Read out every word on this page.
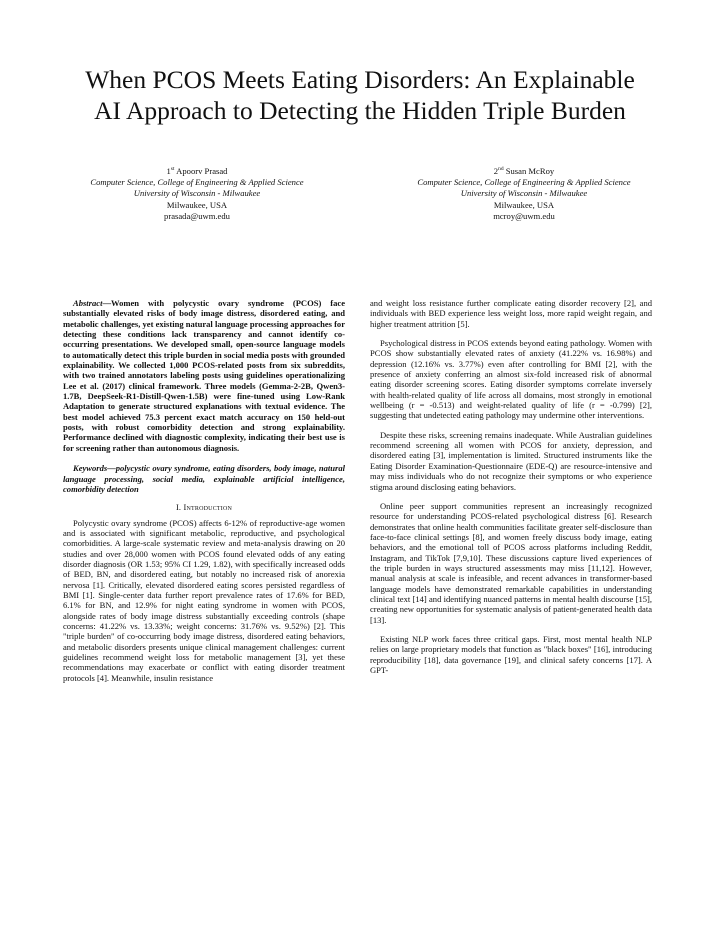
When PCOS Meets Eating Disorders: An Explainable
AI Approach to Detecting the Hidden Triple Burden
1st Apoorv Prasad
Computer Science, College of Engineering & Applied Science
University of Wisconsin - Milwaukee
Milwaukee, USA
prasada@uwm.edu
2nd Susan McRoy
Computer Science, College of Engineering & Applied Science
University of Wisconsin - Milwaukee
Milwaukee, USA
mcroy@uwm.edu

Abstract—Women with polycystic ovary syndrome (PCOS) face substantially elevated risks of body image distress, disordered eating, and metabolic challenges, yet existing natural language processing approaches for detecting these conditions lack transparency and cannot identify co-occurring presentations. We developed small, open-source language models to automatically detect this triple burden in social media posts with grounded explainability. We collected 1,000 PCOS-related posts from six subreddits, with two trained annotators labeling posts using guidelines operationalizing Lee et al. (2017) clinical framework. Three models (Gemma-2-2B, Qwen3-1.7B, DeepSeek-R1-Distill-Qwen-1.5B) were fine-tuned using Low-Rank Adaptation to generate structured explanations with textual evidence. The best model achieved 75.3 percent exact match accuracy on 150 held-out posts, with robust comorbidity detection and strong explainability. Performance declined with diagnostic complexity, indicating their best use is for screening rather than autonomous diagnosis.

Keywords—polycystic ovary syndrome, eating disorders, body image, natural language processing, social media, explainable artificial intelligence, comorbidity detection

I. Introduction

Polycystic ovary syndrome (PCOS) affects 6-12% of reproductive-age women and is associated with significant metabolic, reproductive, and psychological comorbidities. A large-scale systematic review and meta-analysis drawing on 20 studies and over 28,000 women with PCOS found elevated odds of any eating disorder diagnosis (OR 1.53; 95% CI 1.29, 1.82), with specifically increased odds of BED, BN, and disordered eating, but notably no increased risk of anorexia nervosa [1]. Critically, elevated disordered eating scores persisted regardless of BMI [1]. Single-center data further report prevalence rates of 17.6% for BED, 6.1% for BN, and 12.9% for night eating syndrome in women with PCOS, alongside rates of body image distress substantially exceeding controls (shape concerns: 41.22% vs. 13.33%; weight concerns: 31.76% vs. 9.52%) [2]. This "triple burden" of co-occurring body image distress, disordered eating behaviors, and metabolic disorders presents unique clinical management challenges: current guidelines recommend weight loss for metabolic management [3], yet these recommendations may exacerbate or conflict with eating disorder treatment protocols [4]. Meanwhile, insulin resistance

and weight loss resistance further complicate eating disorder recovery [2], and individuals with BED experience less weight loss, more rapid weight regain, and higher treatment attrition [5].

Psychological distress in PCOS extends beyond eating pathology. Women with PCOS show substantially elevated rates of anxiety (41.22% vs. 16.98%) and depression (12.16% vs. 3.77%) even after controlling for BMI [2], with the presence of anxiety conferring an almost six-fold increased risk of abnormal eating disorder screening scores. Eating disorder symptoms correlate inversely with health-related quality of life across all domains, most strongly in emotional wellbeing (r = -0.513) and weight-related quality of life (r = -0.799) [2], suggesting that undetected eating pathology may undermine other interventions.

Despite these risks, screening remains inadequate. While Australian guidelines recommend screening all women with PCOS for anxiety, depression, and disordered eating [3], implementation is limited. Structured instruments like the Eating Disorder Examination-Questionnaire (EDE-Q) are resource-intensive and may miss individuals who do not recognize their symptoms or who experience stigma around disclosing eating behaviors.

Online peer support communities represent an increasingly recognized resource for understanding PCOS-related psychological distress [6]. Research demonstrates that online health communities facilitate greater self-disclosure than face-to-face clinical settings [8], and women freely discuss body image, eating behaviors, and the emotional toll of PCOS across platforms including Reddit, Instagram, and TikTok [7,9,10]. These discussions capture lived experiences of the triple burden in ways structured assessments may miss [11,12]. However, manual analysis at scale is infeasible, and recent advances in transformer-based language models have demonstrated remarkable capabilities in understanding clinical text [14] and identifying nuanced patterns in mental health discourse [15], creating new opportunities for systematic analysis of patient-generated health data [13].

Existing NLP work faces three critical gaps. First, most mental health NLP relies on large proprietary models that function as "black boxes" [16], introducing reproducibility [18], data governance [19], and clinical safety concerns [17]. A GPT-
